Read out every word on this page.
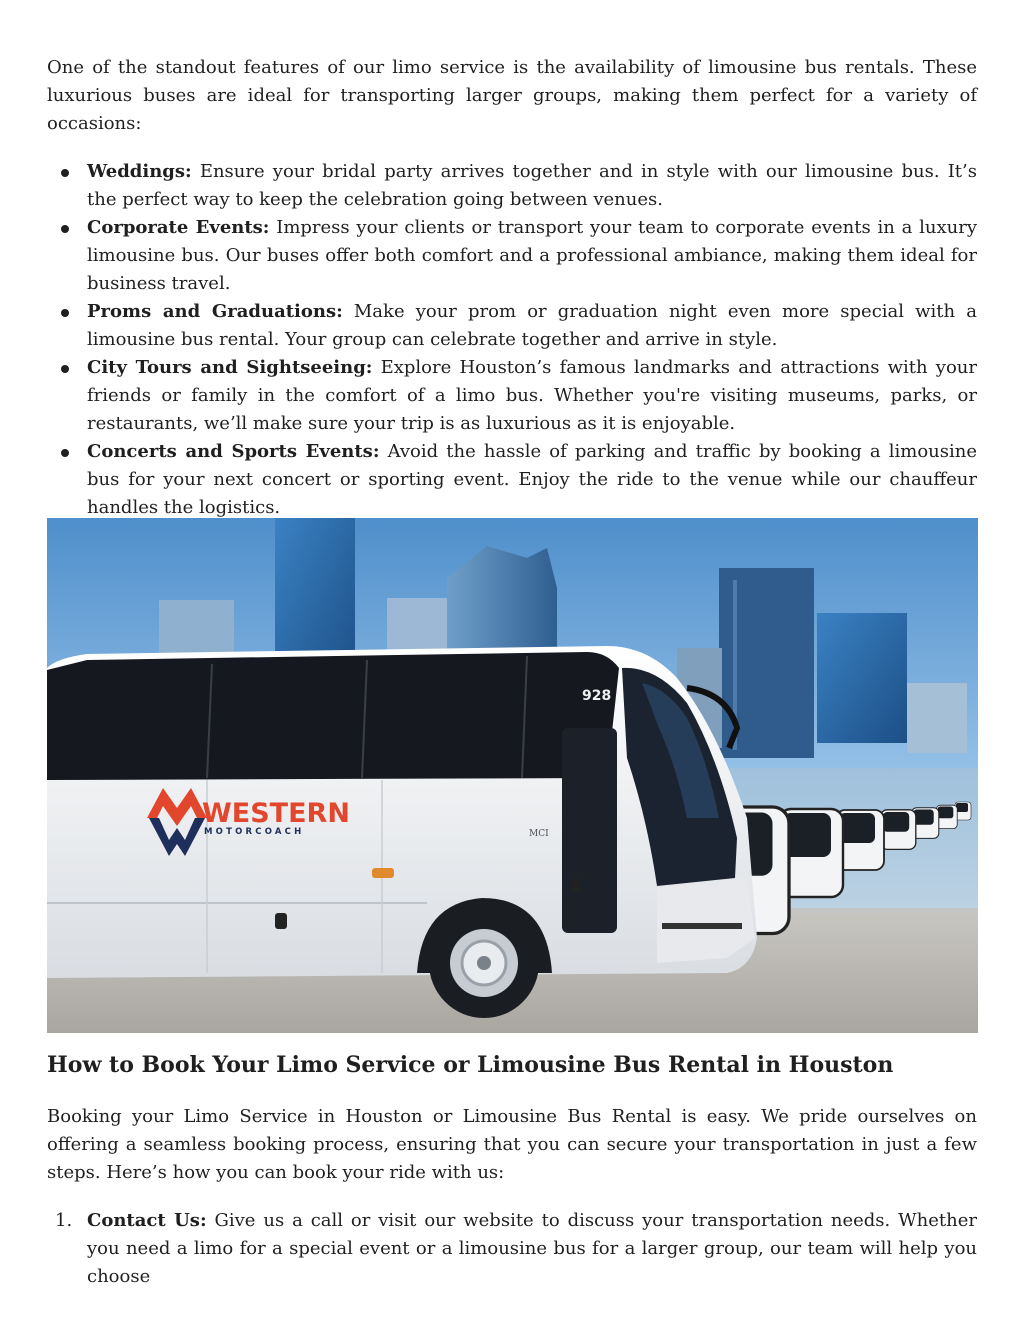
One of the standout features of our limo service is the availability of limousine bus rentals. These luxurious buses are ideal for transporting larger groups, making them perfect for a variety of occasions:

Weddings: Ensure your bridal party arrives together and in style with our limousine bus. It’s the perfect way to keep the celebration going between venues.
Corporate Events: Impress your clients or transport your team to corporate events in a luxury limousine bus. Our buses offer both comfort and a professional ambiance, making them ideal for business travel.
Proms and Graduations: Make your prom or graduation night even more special with a limousine bus rental. Your group can celebrate together and arrive in style.
City Tours and Sightseeing: Explore Houston’s famous landmarks and attractions with your friends or family in the comfort of a limo bus. Whether you're visiting museums, parks, or restaurants, we’ll make sure your trip is as luxurious as it is enjoyable.
Concerts and Sports Events: Avoid the hassle of parking and traffic by booking a limousine bus for your next concert or sporting event. Enjoy the ride to the venue while our chauffeur handles the logistics.
928
MCI
WESTERN
MOTORCOACH
How to Book Your Limo Service or Limousine Bus Rental in Houston

Booking your Limo Service in Houston or Limousine Bus Rental is easy. We pride ourselves on offering a seamless booking process, ensuring that you can secure your transportation in just a few steps. Here’s how you can book your ride with us:

1. Contact Us: Give us a call or visit our website to discuss your transportation needs. Whether you need a limo for a special event or a limousine bus for a larger group, our team will help you choose
